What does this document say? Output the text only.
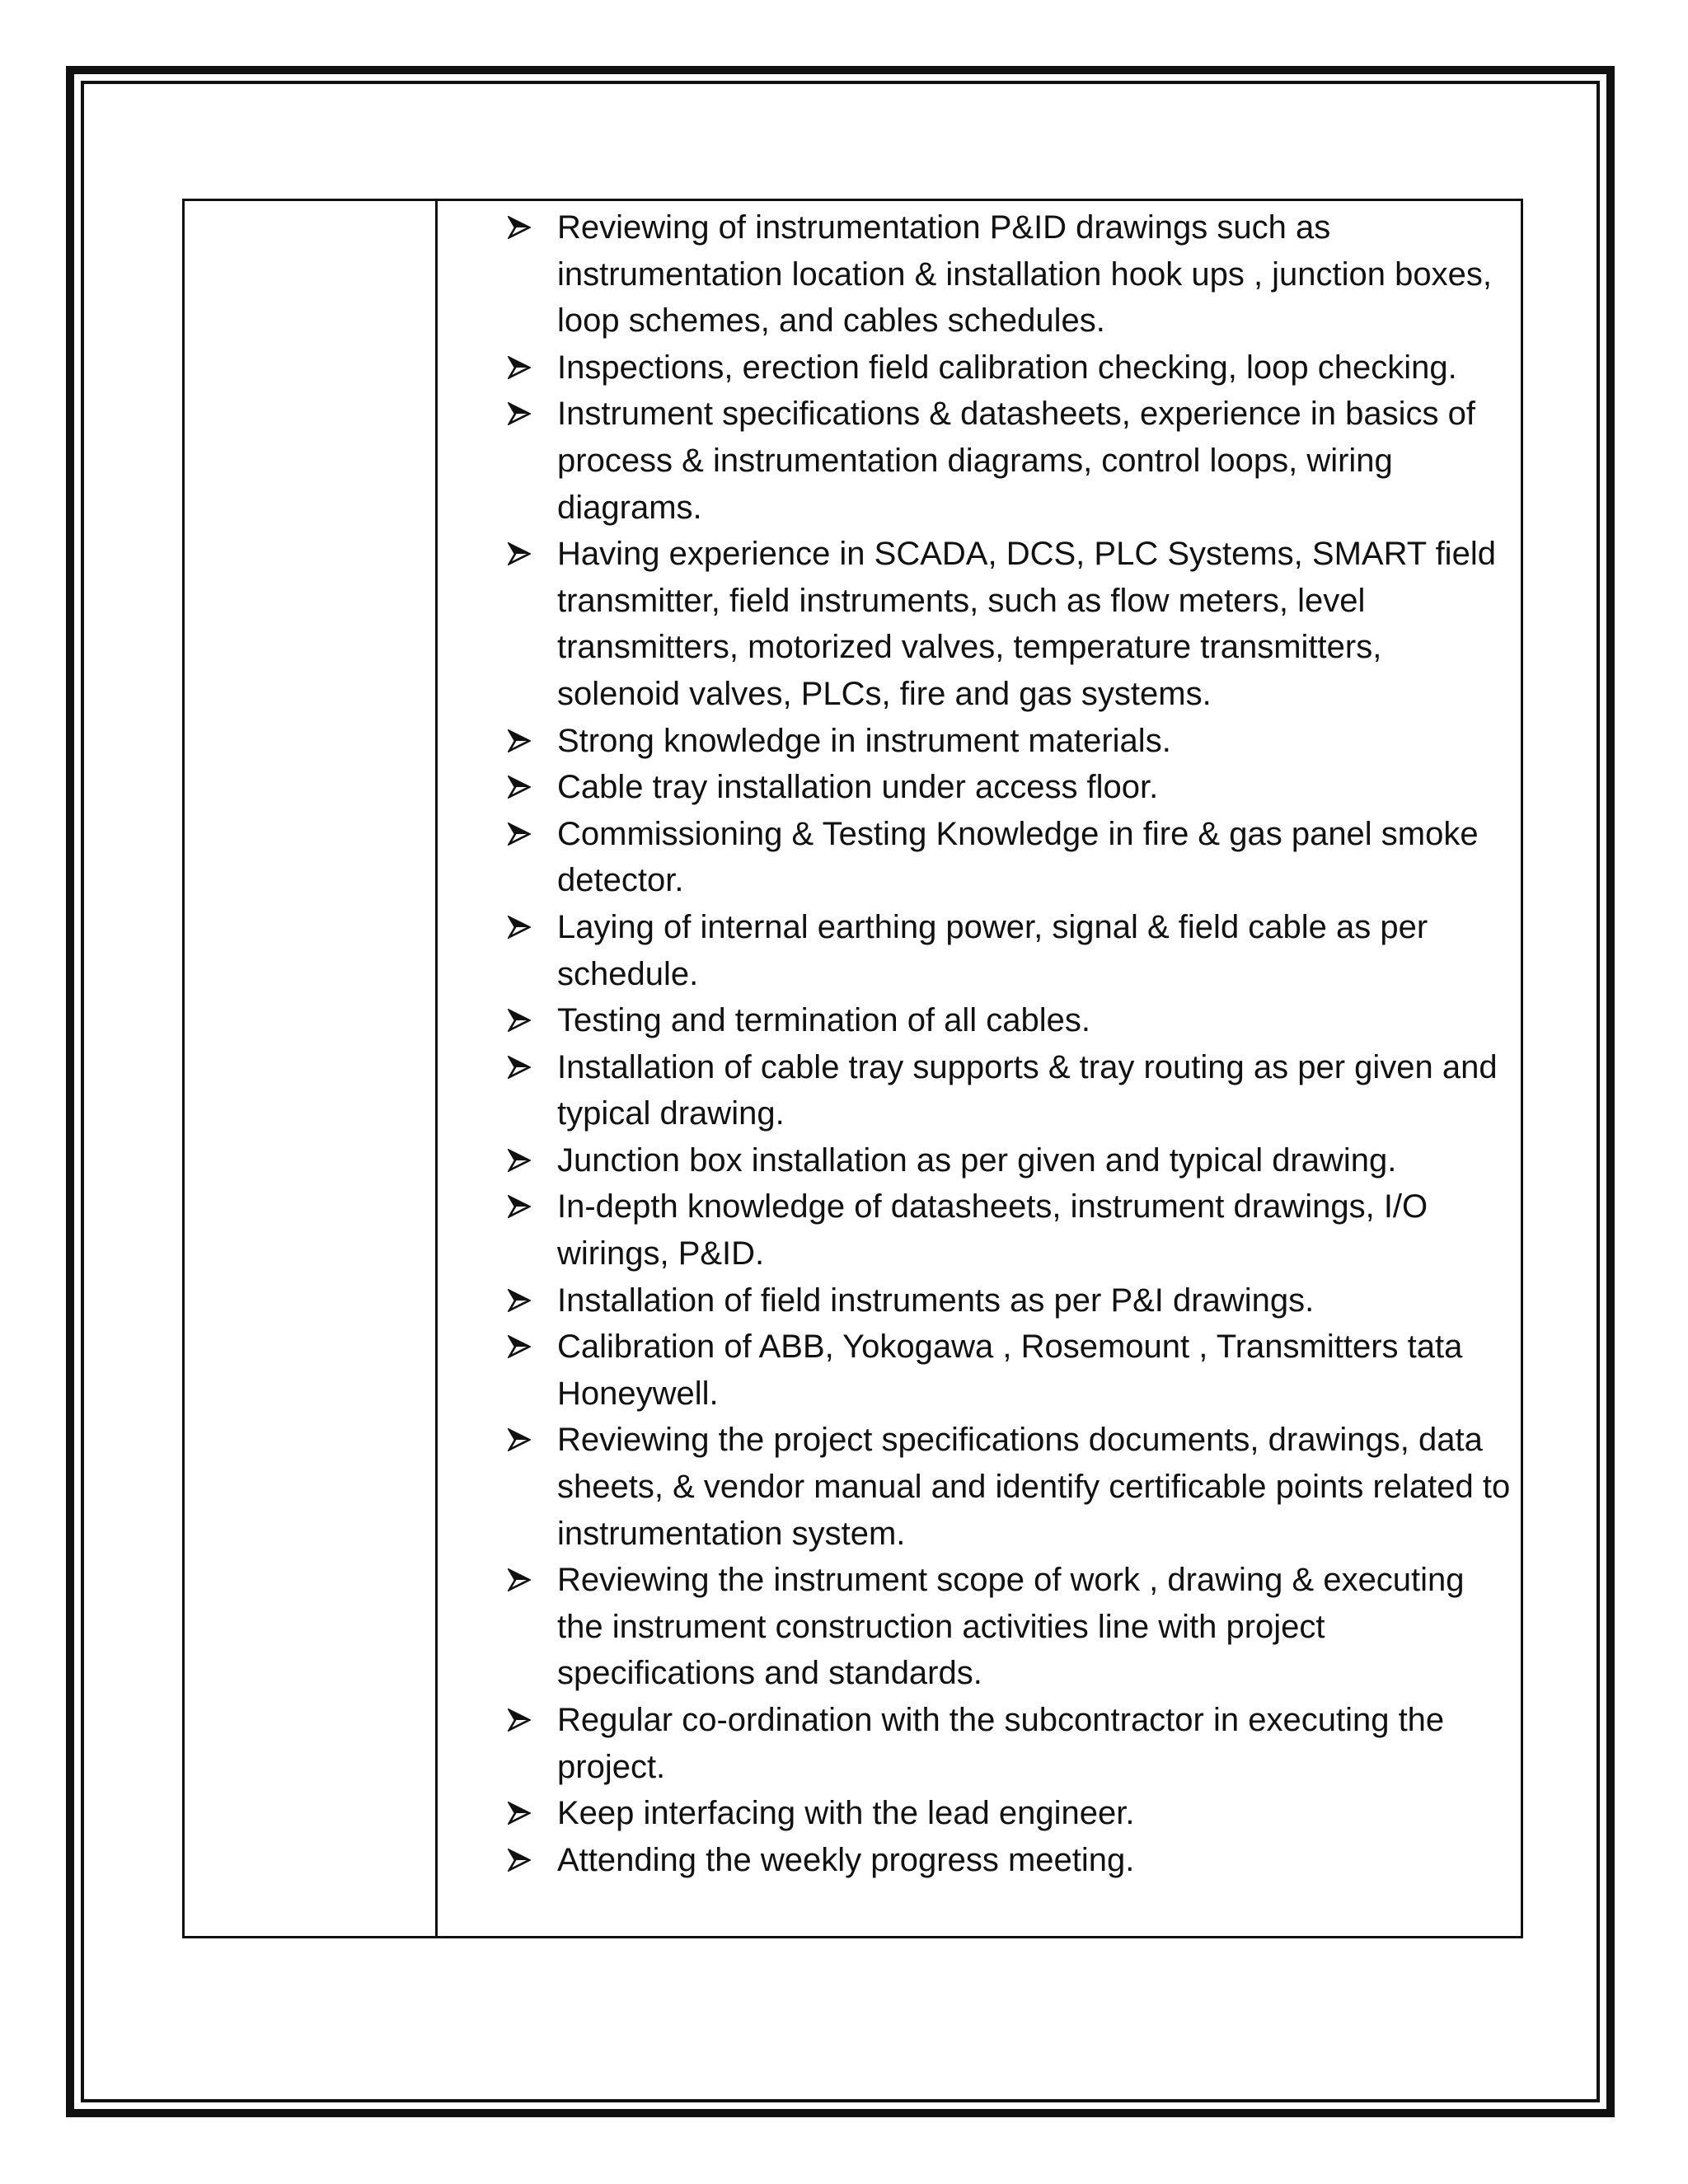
Reviewing of instrumentation P&ID drawings such as instrumentation location & installation hook ups , junction boxes, loop schemes, and cables schedules.
Inspections, erection field calibration checking, loop checking.
Instrument specifications & datasheets, experience in basics of process & instrumentation diagrams, control loops, wiring diagrams.
Having experience in SCADA, DCS, PLC Systems, SMART field transmitter, field instruments, such as flow meters, level transmitters, motorized valves, temperature transmitters, solenoid valves, PLCs, fire and gas systems.
Strong knowledge in instrument materials.
Cable tray installation under access floor.
Commissioning & Testing Knowledge in fire & gas panel smoke detector.
Laying of internal earthing power, signal & field cable as per schedule.
Testing and termination of all cables.
Installation of cable tray supports & tray routing as per given and typical drawing.
Junction box installation as per given and typical drawing.
In-depth knowledge of datasheets, instrument drawings, I/O wirings, P&ID.
Installation of field instruments as per P&I drawings.
Calibration of ABB, Yokogawa , Rosemount , Transmitters tata Honeywell.
Reviewing the project specifications documents, drawings, data sheets, & vendor manual and identify certificable points related to instrumentation system.
Reviewing the instrument scope of work , drawing & executing the instrument construction activities line with project specifications and standards.
Regular co-ordination with the subcontractor in executing the project.
Keep interfacing with the lead engineer.
Attending the weekly progress meeting.
